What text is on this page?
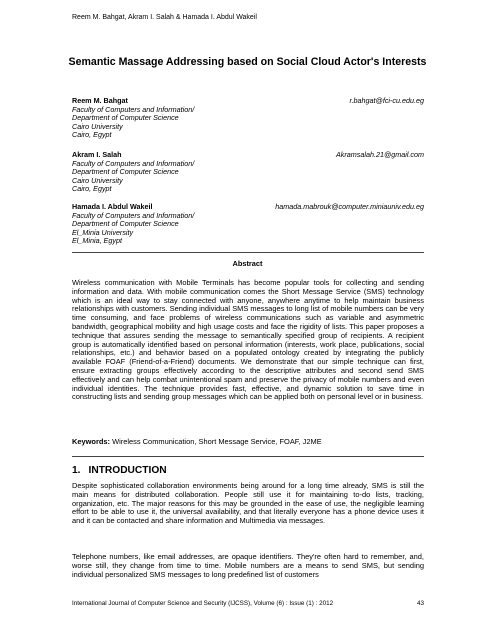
Reem M. Bahgat, Akram I. Salah & Hamada I. Abdul Wakeil
Semantic Massage Addressing based on Social Cloud Actor's Interests
Reem M. Bahgat	r.bahgat@fci-cu.edu.eg
Faculty of Computers and Information/
Department of Computer Science
Cairo University
Cairo, Egypt
Akram I. Salah	Akramsalah.21@gmail.com
Faculty of Computers and Information/
Department of Computer Science
Cairo University
Cairo, Egypt
Hamada I. Abdul Wakeil	hamada.mabrouk@computer.miniauniv.edu.eg
Faculty of Computers and Information/
Department of Computer Science
El_Minia University
El_Minia, Egypt
Abstract
Wireless communication with Mobile Terminals has become popular tools for collecting and sending information and data. With mobile communication comes the Short Message Service (SMS) technology which is an ideal way to stay connected with anyone, anywhere anytime to help maintain business relationships with customers. Sending individual SMS messages to long list of mobile numbers can be very time consuming, and face problems of wireless communications such as variable and asymmetric bandwidth, geographical mobility and high usage costs and face the rigidity of lists. This paper proposes a technique that assures sending the message to semantically specified group of recipients. A recipient group is automatically identified based on personal information (interests, work place, publications, social relationships, etc.) and behavior based on a populated ontology created by integrating the publicly available FOAF (Friend-of-a-Friend) documents. We demonstrate that our simple technique can first, ensure extracting groups effectively according to the descriptive attributes and second send SMS effectively and can help combat unintentional spam and preserve the privacy of mobile numbers and even individual identities. The technique provides fast, effective, and dynamic solution to save time in constructing lists and sending group messages which can be applied both on personal level or in business.
Keywords: Wireless Communication, Short Message Service, FOAF, J2ME
1. INTRODUCTION
Despite sophisticated collaboration environments being around for a long time already, SMS is still the main means for distributed collaboration. People still use it for maintaining to-do lists, tracking, organization, etc. The major reasons for this may be grounded in the ease of use, the negligible learning effort to be able to use it, the universal availability, and that literally everyone has a phone device uses it and it can be contacted and share information and Multimedia via messages.
Telephone numbers, like email addresses, are opaque identifiers. They're often hard to remember, and, worse still, they change from time to time. Mobile numbers are a means to send SMS, but sending individual personalized SMS messages to long predefined list of customers
International Journal of Computer Science and Security (IJCSS), Volume (6) : Issue (1) : 2012	43
